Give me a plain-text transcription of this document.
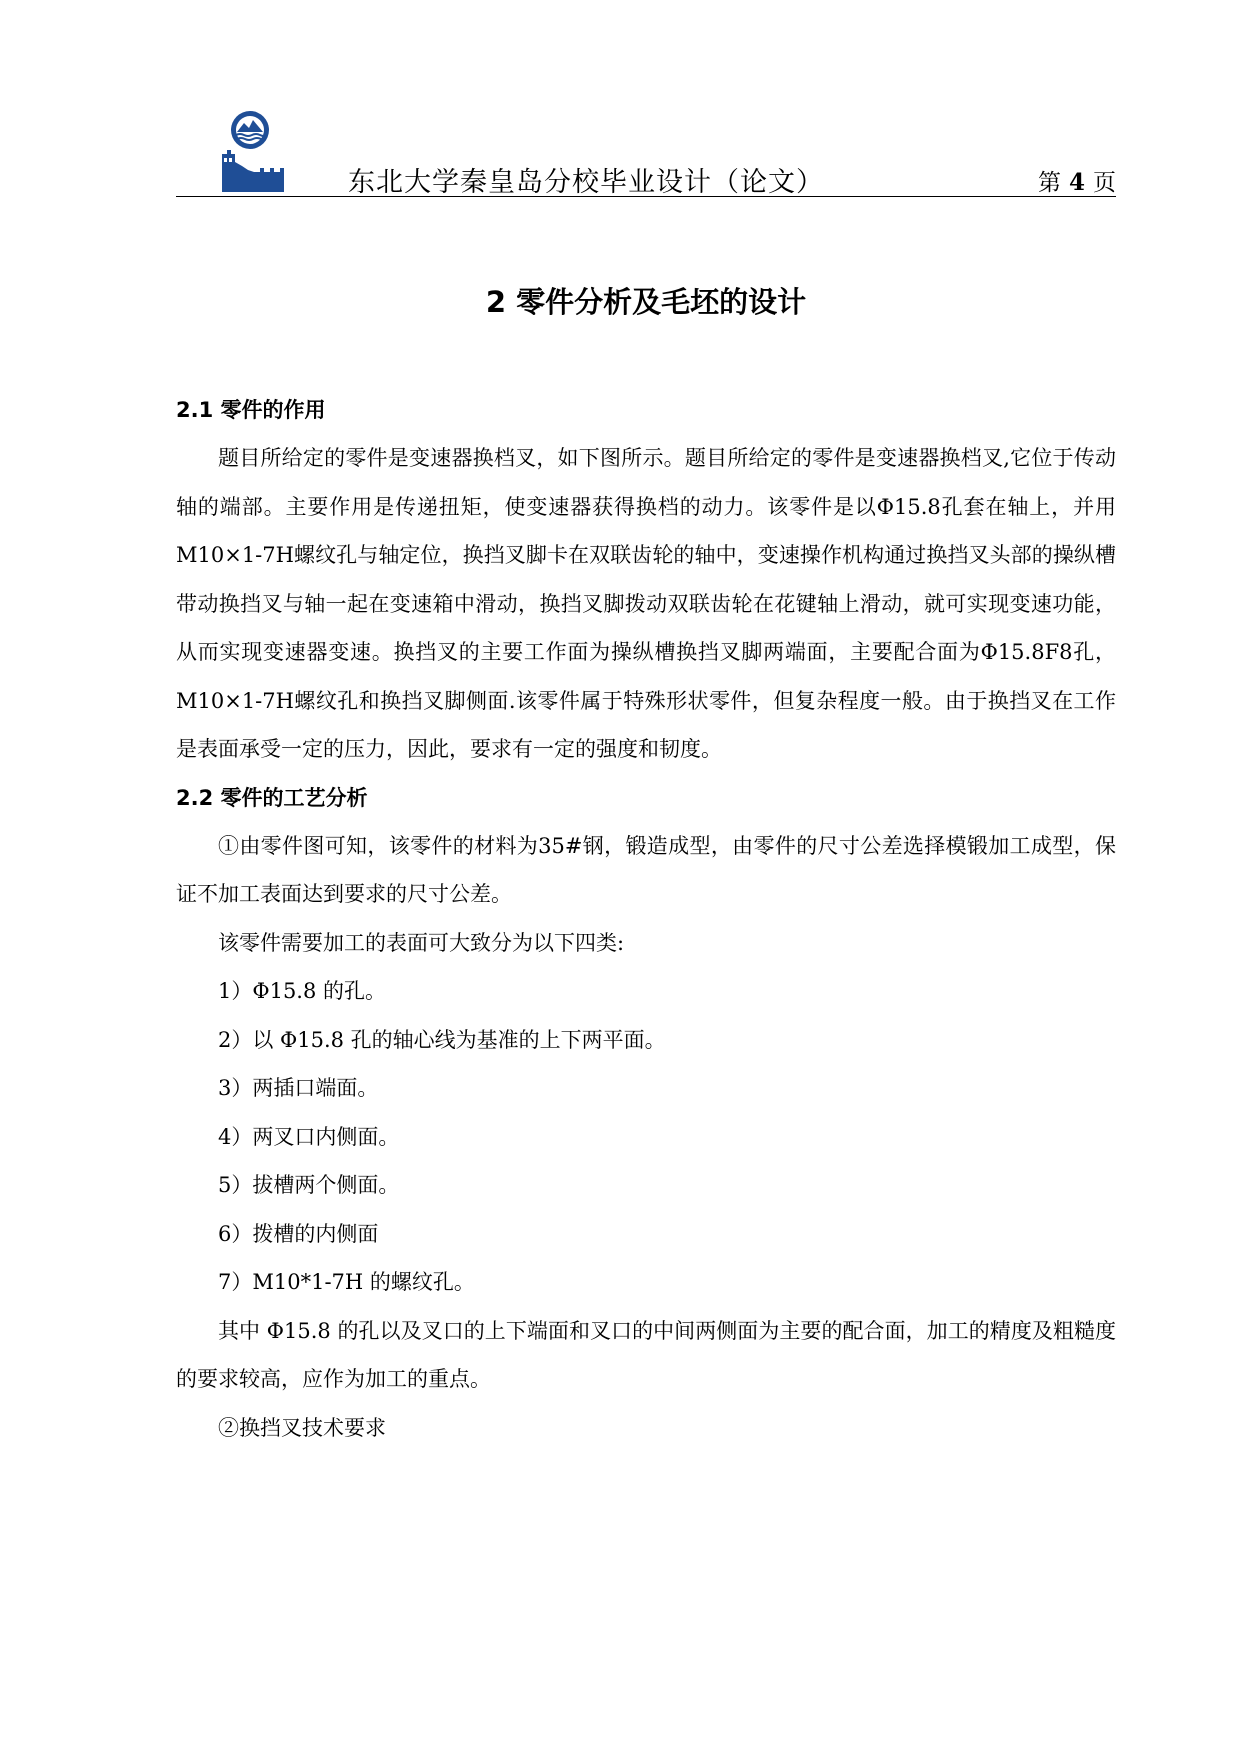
东北大学秦皇岛分校毕业设计（论文）	第 4 页
2 零件分析及毛坯的设计
2.1 零件的作用

题目所给定的零件是变速器换档叉，如下图所示。题目所给定的零件是变速器换档叉,它位于传动轴的端部。主要作用是传递扭矩，使变速器获得换档的动力。该零件是以Φ15.8孔套在轴上，并用M10×1-7H螺纹孔与轴定位，换挡叉脚卡在双联齿轮的轴中，变速操作机构通过换挡叉头部的操纵槽带动换挡叉与轴一起在变速箱中滑动，换挡叉脚拨动双联齿轮在花键轴上滑动，就可实现变速功能，从而实现变速器变速。换挡叉的主要工作面为操纵槽换挡叉脚两端面，主要配合面为Φ15.8F8孔，M10×1-7H螺纹孔和换挡叉脚侧面.该零件属于特殊形状零件，但复杂程度一般。由于换挡叉在工作是表面承受一定的压力，因此，要求有一定的强度和韧度。

2.2 零件的工艺分析

①由零件图可知，该零件的材料为35#钢，锻造成型，由零件的尺寸公差选择模锻加工成型，保证不加工表面达到要求的尺寸公差。

该零件需要加工的表面可大致分为以下四类:

1）Φ15.8 的孔。

2）以 Φ15.8 孔的轴心线为基准的上下两平面。

3）两插口端面。

4）两叉口内侧面。

5）拔槽两个侧面。

6）拨槽的内侧面

7）M10*1-7H 的螺纹孔。

其中 Φ15.8 的孔以及叉口的上下端面和叉口的中间两侧面为主要的配合面，加工的精度及粗糙度的要求较高，应作为加工的重点。

②换挡叉技术要求
